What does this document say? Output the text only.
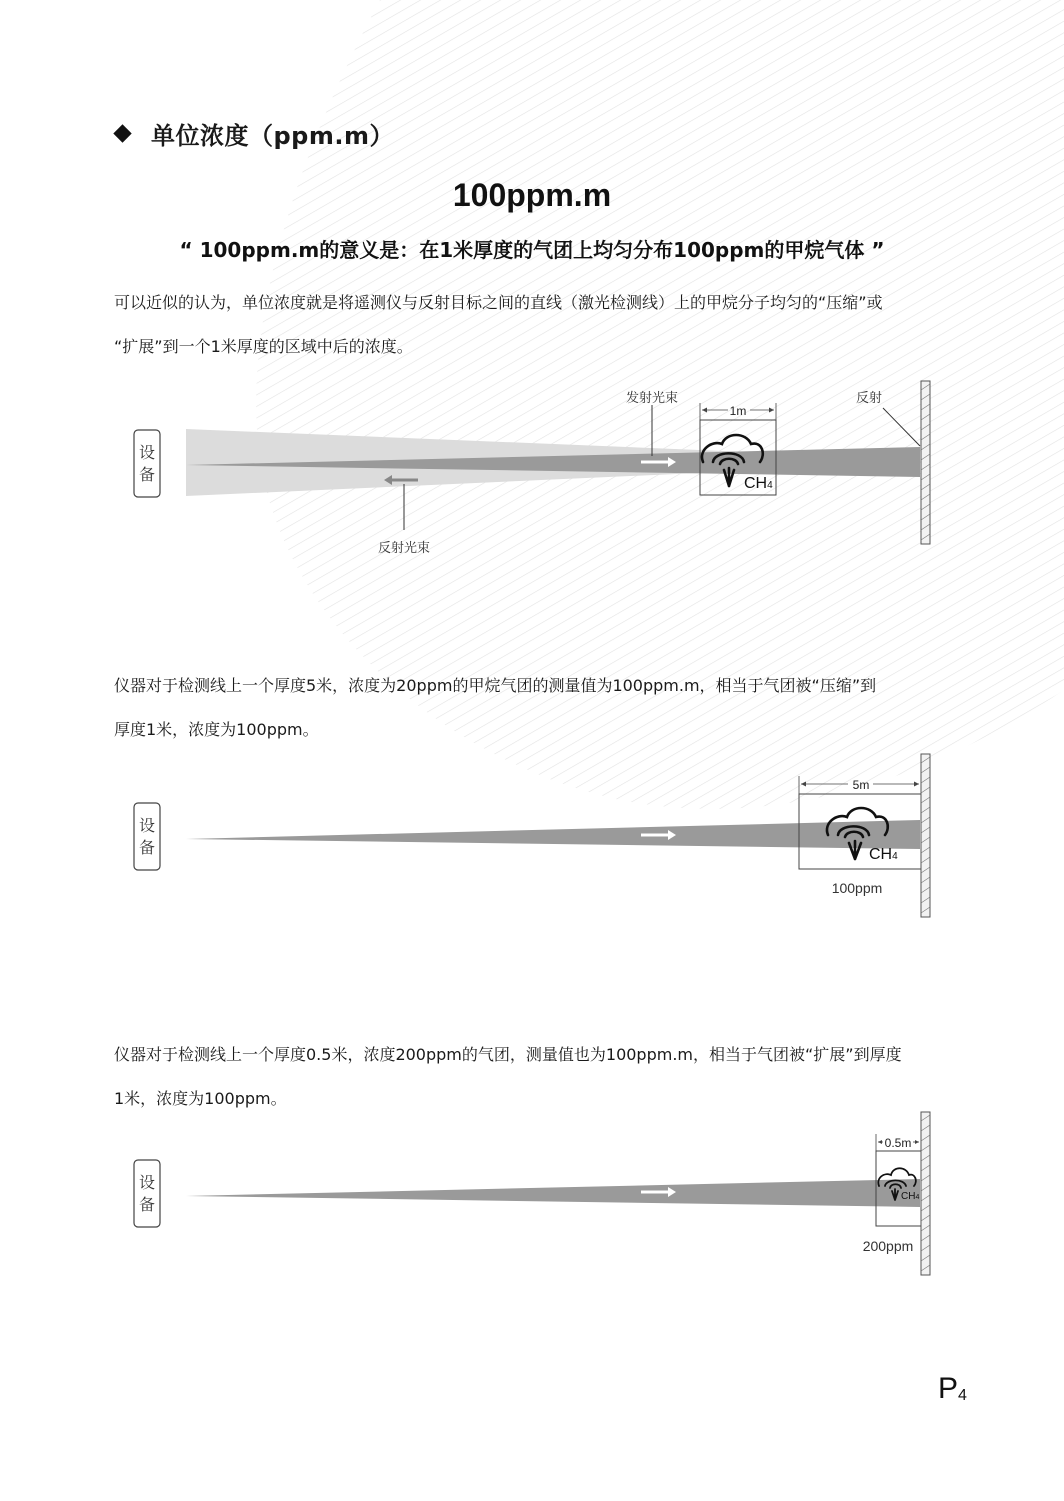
单位浓度（ppm.m）
100ppm.m
“ 100ppm.m的意义是：在1米厚度的气团上均匀分布100ppm的甲烷气体 ”
可以近似的认为，单位浓度就是将遥测仪与反射目标之间的直线（激光检测线）上的甲烷分子均匀的“压缩”或
“扩展”到一个1米厚度的区域中后的浓度。
设
备
发射光束
反射光束
1m
CH4
反射
仪器对于检测线上一个厚度5米，浓度为20ppm的甲烷气团的测量值为100ppm.m，相当于气团被“压缩”到
厚度1米，浓度为100ppm。
设
备
5m
CH4
100ppm
仪器对于检测线上一个厚度0.5米，浓度200ppm的气团，测量值也为100ppm.m，相当于气团被“扩展”到厚度
1米，浓度为100ppm。
设
备
0.5m
CH4
200ppm
$P_4$
